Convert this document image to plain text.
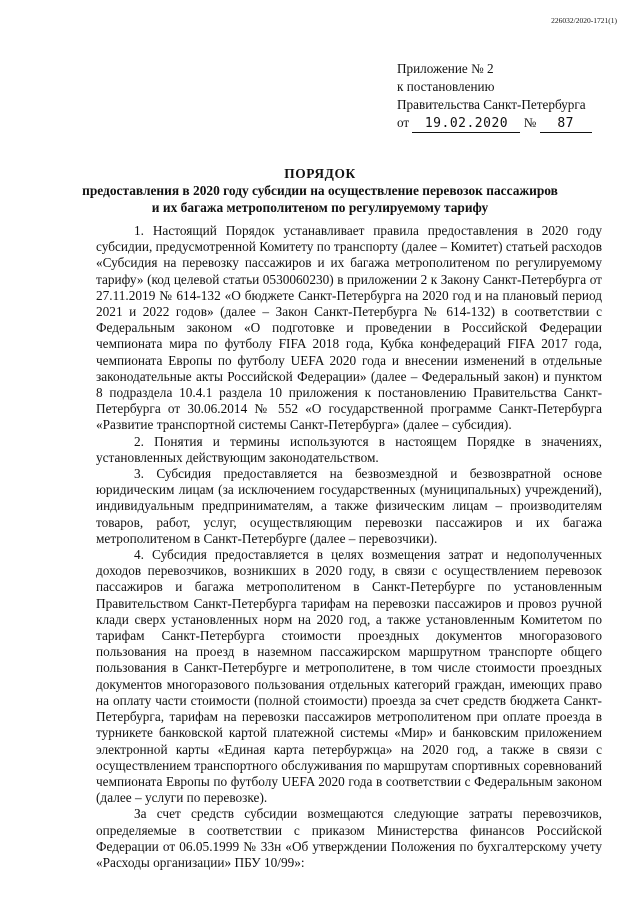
226032/2020-1721(1)
Приложение № 2
к постановлению
Правительства Санкт-Петербурга
от 19.02.2020 № 87
ПОРЯДОК
предоставления в 2020 году субсидии на осуществление перевозок пассажиров
и их багажа метрополитеном по регулируемому тарифу

1. Настоящий Порядок устанавливает правила предоставления в 2020 году субсидии, предусмотренной Комитету по транспорту (далее – Комитет) статьей расходов «Субсидия на перевозку пассажиров и их багажа метрополитеном по регулируемому тарифу» (код целевой статьи 0530060230) в приложении 2 к Закону Санкт-Петербурга от 27.11.2019 № 614-132 «О бюджете Санкт-Петербурга на 2020 год и на плановый период 2021 и 2022 годов» (далее – Закон Санкт-Петербурга № 614-132) в соответствии с Федеральным законом «О подготовке и проведении в Российской Федерации чемпионата мира по футболу FIFA 2018 года, Кубка конфедераций FIFA 2017 года, чемпионата Европы по футболу UEFA 2020 года и внесении изменений в отдельные законодательные акты Российской Федерации» (далее – Федеральный закон) и пунктом 8 подраздела 10.4.1 раздела 10 приложения к постановлению Правительства Санкт-Петербурга от 30.06.2014 № 552 «О государственной программе Санкт-Петербурга «Развитие транспортной системы Санкт-Петербурга» (далее – субсидия).

2. Понятия и термины используются в настоящем Порядке в значениях, установленных действующим законодательством.

3. Субсидия предоставляется на безвозмездной и безвозвратной основе юридическим лицам (за исключением государственных (муниципальных) учреждений), индивидуальным предпринимателям, а также физическим лицам – производителям товаров, работ, услуг, осуществляющим перевозки пассажиров и их багажа метрополитеном в Санкт-Петербурге (далее – перевозчики).

4. Субсидия предоставляется в целях возмещения затрат и недополученных доходов перевозчиков, возникших в 2020 году, в связи с осуществлением перевозок пассажиров и багажа метрополитеном в Санкт-Петербурге по установленным Правительством Санкт-Петербурга тарифам на перевозки пассажиров и провоз ручной клади сверх установленных норм на 2020 год, а также установленным Комитетом по тарифам Санкт-Петербурга стоимости проездных документов многоразового пользования на проезд в наземном пассажирском маршрутном транспорте общего пользования в Санкт-Петербурге и метрополитене, в том числе стоимости проездных документов многоразового пользования отдельных категорий граждан, имеющих право на оплату части стоимости (полной стоимости) проезда за счет средств бюджета Санкт-Петербурга, тарифам на перевозки пассажиров метрополитеном при оплате проезда в турникете банковской картой платежной системы «Мир» и банковским приложением электронной карты «Единая карта петербуржца» на 2020 год, а также в связи с осуществлением транспортного обслуживания по маршрутам спортивных соревнований чемпионата Европы по футболу UEFA 2020 года в соответствии с Федеральным законом (далее – услуги по перевозке).

За счет средств субсидии возмещаются следующие затраты перевозчиков, определяемые в соответствии с приказом Министерства финансов Российской Федерации от 06.05.1999 № 33н «Об утверждении Положения по бухгалтерскому учету «Расходы организации» ПБУ 10/99»:
